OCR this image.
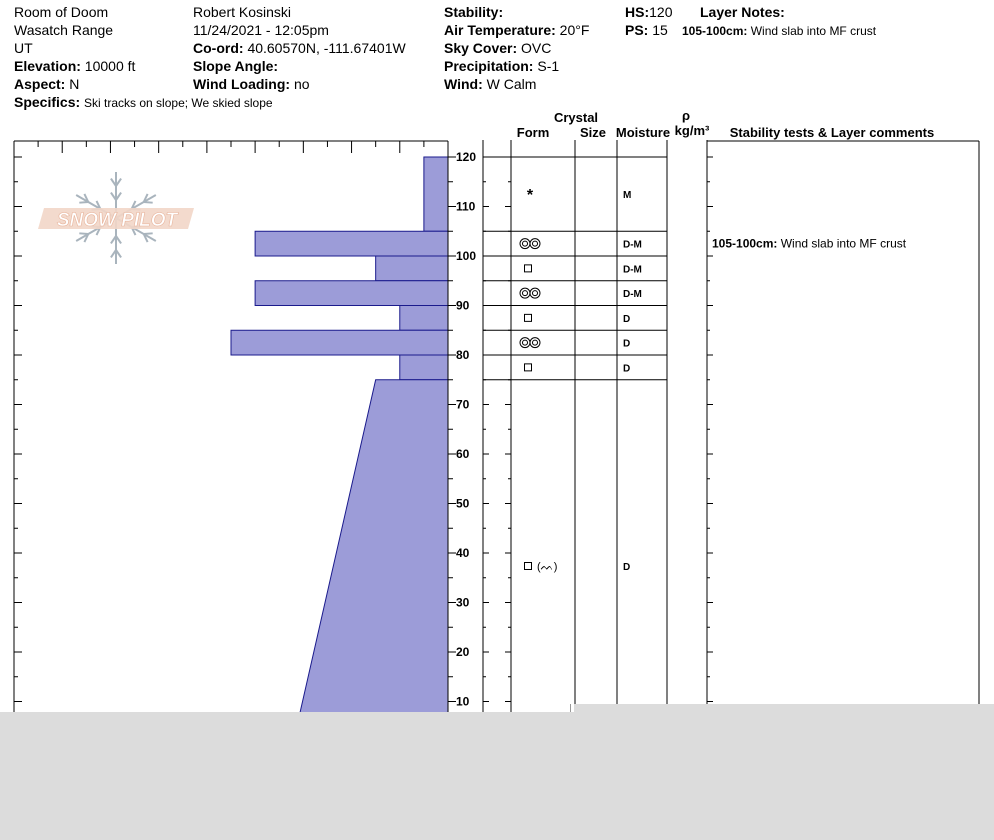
Room of Doom
Wasatch Range
UT
Elevation: 10000 ft
Aspect: N
Specifics: Ski tracks on slope; We skied slope
Robert Kosinski
11/24/2021 - 12:05pm
Co-ord: 40.60570N, -111.67401W
Slope Angle:
Wind Loading: no
Stability:
Air Temperature: 20°F
Sky Cover: OVC
Precipitation: S-1
Wind: W Calm
HS:120
PS: 15
Layer Notes:
105-100cm: Wind slab into MF crust
10
20
30
40
50
60
70
80
90
100
110
120
SNOW PILOT
Crystal
Form Size Moisture
ρ
kg/m³ Stability tests & Layer comments
*	M
D-M
D-M
D-M
D
D
D
(ᨓ)	D
105-100cm: Wind slab into MF crust
